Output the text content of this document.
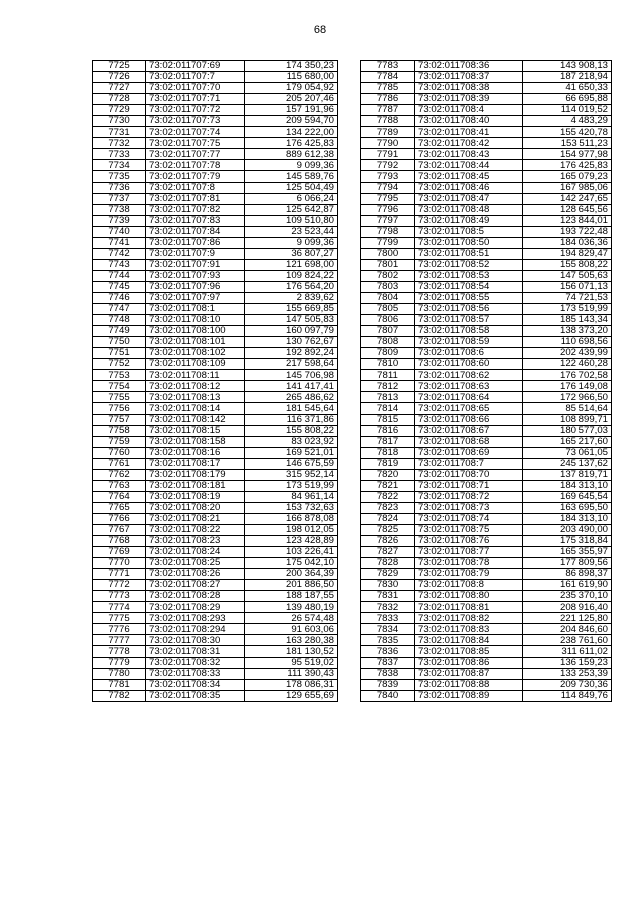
68
7725	73:02:011707:69	174 350,23
7726	73:02:011707:7	115 680,00
7727	73:02:011707:70	179 054,92
7728	73:02:011707:71	205 207,46
7729	73:02:011707:72	157 191,96
7730	73:02:011707:73	209 594,70
7731	73:02:011707:74	134 222,00
7732	73:02:011707:75	176 425,83
7733	73:02:011707:77	889 612,38
7734	73:02:011707:78	9 099,36
7735	73:02:011707:79	145 589,76
7736	73:02:011707:8	125 504,49
7737	73:02:011707:81	6 066,24
7738	73:02:011707:82	125 642,87
7739	73:02:011707:83	109 510,80
7740	73:02:011707:84	23 523,44
7741	73:02:011707:86	9 099,36
7742	73:02:011707:9	36 807,27
7743	73:02:011707:91	121 698,00
7744	73:02:011707:93	109 824,22
7745	73:02:011707:96	176 564,20
7746	73:02:011707:97	2 839,62
7747	73:02:011708:1	155 669,85
7748	73:02:011708:10	147 505,83
7749	73:02:011708:100	160 097,79
7750	73:02:011708:101	130 762,67
7751	73:02:011708:102	192 892,24
7752	73:02:011708:109	217 598,64
7753	73:02:011708:11	145 706,98
7754	73:02:011708:12	141 417,41
7755	73:02:011708:13	265 486,62
7756	73:02:011708:14	181 545,64
7757	73:02:011708:142	116 371,86
7758	73:02:011708:15	155 808,22
7759	73:02:011708:158	83 023,92
7760	73:02:011708:16	169 521,01
7761	73:02:011708:17	146 675,59
7762	73:02:011708:179	315 952,14
7763	73:02:011708:181	173 519,99
7764	73:02:011708:19	84 961,14
7765	73:02:011708:20	153 732,63
7766	73:02:011708:21	166 878,08
7767	73:02:011708:22	198 012,05
7768	73:02:011708:23	123 428,89
7769	73:02:011708:24	103 226,41
7770	73:02:011708:25	175 042,10
7771	73:02:011708:26	200 364,39
7772	73:02:011708:27	201 886,50
7773	73:02:011708:28	188 187,55
7774	73:02:011708:29	139 480,19
7775	73:02:011708:293	26 574,48
7776	73:02:011708:294	91 603,06
7777	73:02:011708:30	163 280,38
7778	73:02:011708:31	181 130,52
7779	73:02:011708:32	95 519,02
7780	73:02:011708:33	111 390,43
7781	73:02:011708:34	178 086,31
7782	73:02:011708:35	129 655,69
7783	73:02:011708:36	143 908,13
7784	73:02:011708:37	187 218,94
7785	73:02:011708:38	41 650,33
7786	73:02:011708:39	66 695,88
7787	73:02:011708:4	114 019,52
7788	73:02:011708:40	4 483,29
7789	73:02:011708:41	155 420,78
7790	73:02:011708:42	153 511,23
7791	73:02:011708:43	154 977,98
7792	73:02:011708:44	176 425,83
7793	73:02:011708:45	165 079,23
7794	73:02:011708:46	167 985,06
7795	73:02:011708:47	142 247,65
7796	73:02:011708:48	128 645,56
7797	73:02:011708:49	123 844,01
7798	73:02:011708:5	193 722,48
7799	73:02:011708:50	184 036,36
7800	73:02:011708:51	194 829,47
7801	73:02:011708:52	155 808,22
7802	73:02:011708:53	147 505,63
7803	73:02:011708:54	156 071,13
7804	73:02:011708:55	74 721,53
7805	73:02:011708:56	173 519,99
7806	73:02:011708:57	185 143,34
7807	73:02:011708:58	138 373,20
7808	73:02:011708:59	110 698,56
7809	73:02:011708:6	202 439,99
7810	73:02:011708:60	122 460,28
7811	73:02:011708:62	176 702,58
7812	73:02:011708:63	176 149,08
7813	73:02:011708:64	172 966,50
7814	73:02:011708:65	85 514,64
7815	73:02:011708:66	108 899,71
7816	73:02:011708:67	180 577,03
7817	73:02:011708:68	165 217,60
7818	73:02:011708:69	73 061,05
7819	73:02:011708:7	245 137,62
7820	73:02:011708:70	137 819,71
7821	73:02:011708:71	184 313,10
7822	73:02:011708:72	169 645,54
7823	73:02:011708:73	163 695,50
7824	73:02:011708:74	184 313,10
7825	73:02:011708:75	203 490,00
7826	73:02:011708:76	175 318,84
7827	73:02:011708:77	165 355,97
7828	73:02:011708:78	177 809,56
7829	73:02:011708:79	86 898,37
7830	73:02:011708:8	161 619,90
7831	73:02:011708:80	235 370,10
7832	73:02:011708:81	208 916,40
7833	73:02:011708:82	221 125,80
7834	73:02:011708:83	204 846,60
7835	73:02:011708:84	238 761,60
7836	73:02:011708:85	311 611,02
7837	73:02:011708:86	136 159,23
7838	73:02:011708:87	133 253,39
7839	73:02:011708:88	209 730,36
7840	73:02:011708:89	114 849,76
